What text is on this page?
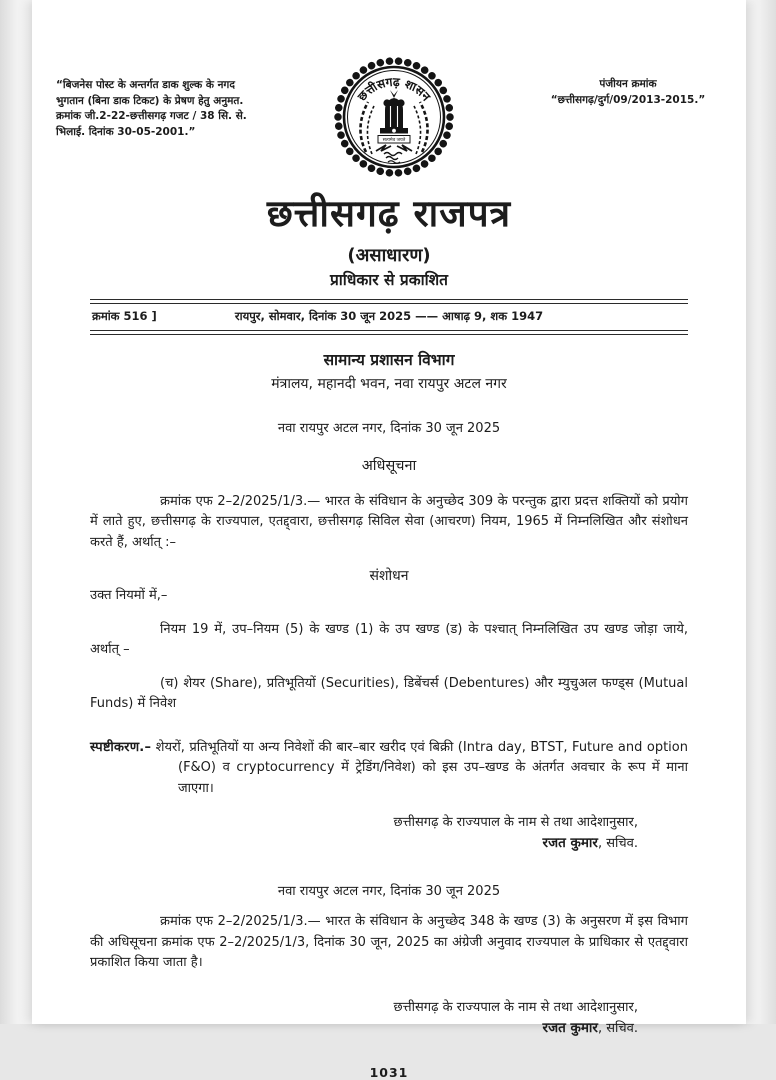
“बिजनेस पोस्ट के अन्तर्गत डाक शुल्क के नगद भुगतान (बिना डाक टिकट) के प्रेषण हेतु अनुमत. क्रमांक जी.2-22-छत्तीसगढ़ गजट / 38 सि. से. भिलाई. दिनांक 30-05-2001.”
छत्तीसगढ़ शासन
सत्यमेव जयते
पंजीयन क्रमांक
“छत्तीसगढ़/दुर्ग/09/2013-2015.”
छत्तीसगढ़ राजपत्र
(असाधारण)
प्राधिकार से प्रकाशित
क्रमांक 516 ]	रायपुर, सोमवार, दिनांक 30 जून 2025 —— आषाढ़ 9, शक 1947
सामान्य प्रशासन विभाग
मंत्रालय, महानदी भवन, नवा रायपुर अटल नगर
नवा रायपुर अटल नगर, दिनांक 30 जून 2025
अधिसूचना

क्रमांक एफ 2–2/2025/1/3.— भारत के संविधान के अनुच्छेद 309 के परन्तुक द्वारा प्रदत्त शक्तियों को प्रयोग में लाते हुए, छत्तीसगढ़ के राज्यपाल, एतद्द्वारा, छत्तीसगढ़ सिविल सेवा (आचरण) नियम, 1965 में निम्नलिखित और संशोधन करते हैं, अर्थात् :–

संशोधन

उक्त नियमों में,–

नियम 19 में, उप–नियम (5) के खण्ड (1) के उप खण्ड (ड) के पश्चात् निम्नलिखित उप खण्ड जोड़ा जाये, अर्थात् –

(च) शेयर (Share), प्रतिभूतियों (Securities), डिबेंचर्स (Debentures) और म्युचुअल फण्ड्स (Mutual Funds) में निवेश

स्पष्टीकरण.– शेयरों, प्रतिभूतियों या अन्य निवेशों की बार–बार खरीद एवं बिक्री (Intra day, BTST, Future and option (F&O) व cryptocurrency में ट्रेडिंग/निवेश) को इस उप–खण्ड के अंतर्गत अवचार के रूप में माना जाएगा।

छत्तीसगढ़ के राज्यपाल के नाम से तथा आदेशानुसार,
रजत कुमार, सचिव.
नवा रायपुर अटल नगर, दिनांक 30 जून 2025

क्रमांक एफ 2–2/2025/1/3.— भारत के संविधान के अनुच्छेद 348 के खण्ड (3) के अनुसरण में इस विभाग की अधिसूचना क्रमांक एफ 2–2/2025/1/3, दिनांक 30 जून, 2025 का अंग्रेजी अनुवाद राज्यपाल के प्राधिकार से एतद्द्वारा प्रकाशित किया जाता है।

छत्तीसगढ़ के राज्यपाल के नाम से तथा आदेशानुसार,
रजत कुमार, सचिव.
1031
